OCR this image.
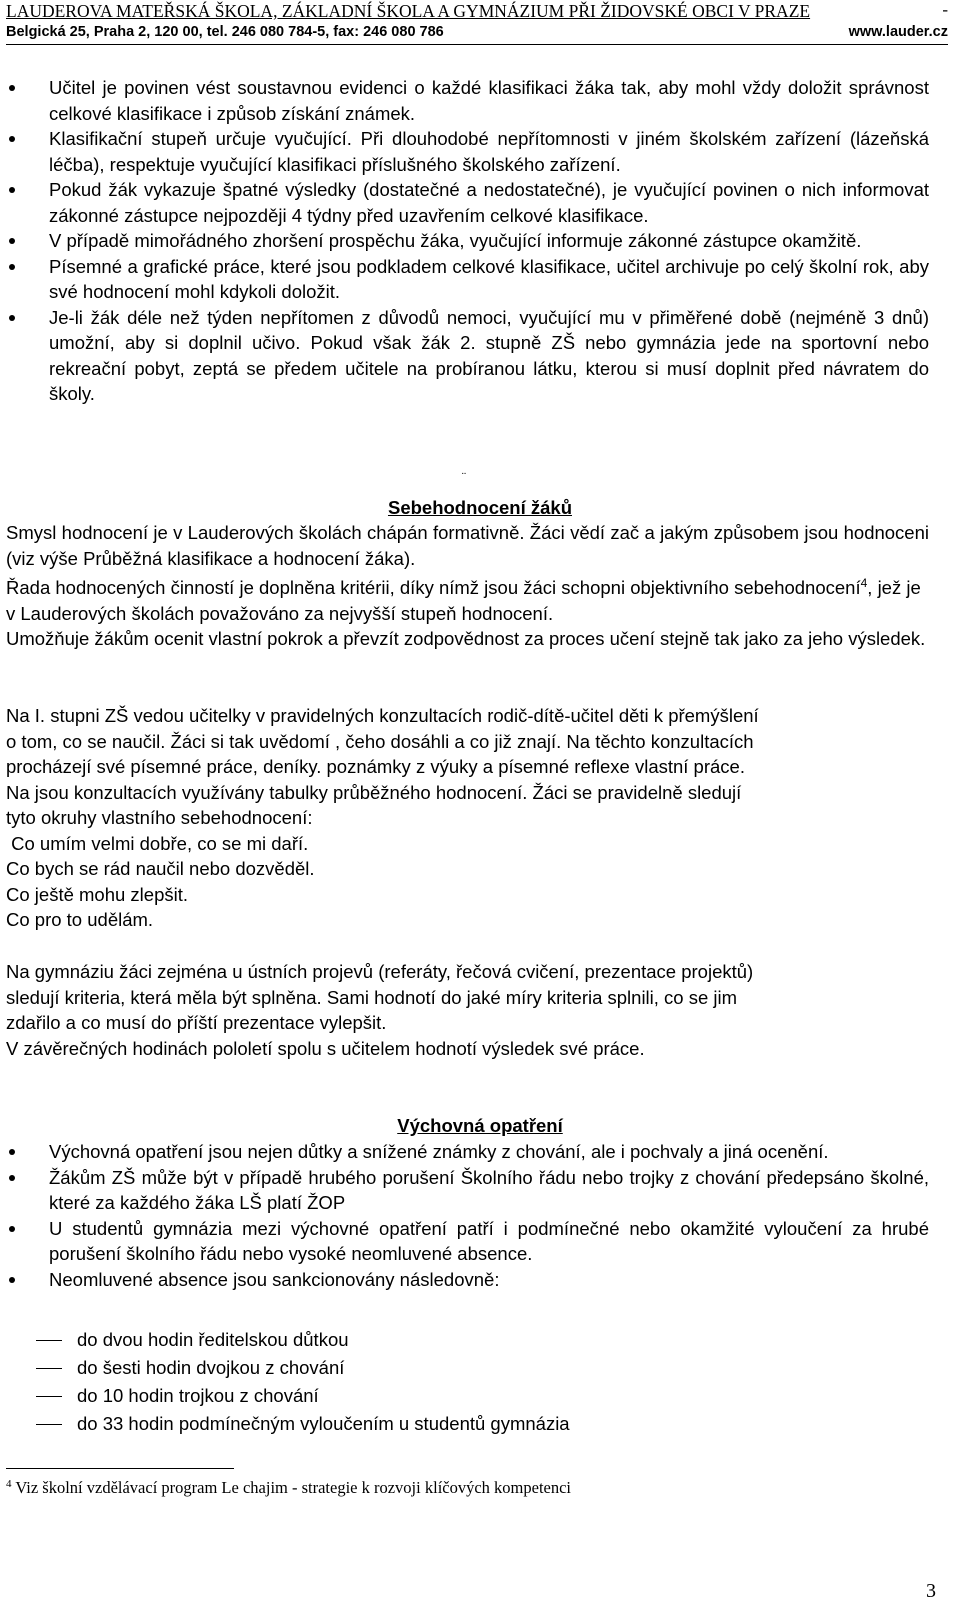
LAUDEROVA MATEŘSKÁ ŠKOLA, ZÁKLADNÍ ŠKOLA A GYMNÁZIUM PŘI ŽIDOVSKÉ OBCI V PRAZE	-
Belgická 25, Praha 2, 120 00, tel. 246 080 784-5, fax: 246 080 786	www.lauder.cz
Učitel je povinen vést soustavnou evidenci o každé klasifikaci žáka tak, aby mohl vždy doložit správnost celkové klasifikace i způsob získání známek.
Klasifikační stupeň určuje vyučující. Při dlouhodobé nepřítomnosti v jiném školském zařízení (lázeňská léčba), respektuje vyučující klasifikaci příslušného školského zařízení.
Pokud žák vykazuje špatné výsledky (dostatečné a nedostatečné), je vyučující povinen o nich informovat zákonné zástupce nejpozději 4 týdny před uzavřením celkové klasifikace.
V případě mimořádného zhoršení prospěchu žáka, vyučující informuje zákonné zástupce okamžitě.
Písemné a grafické práce, které jsou podkladem celkové klasifikace, učitel archivuje po celý školní rok, aby své hodnocení mohl kdykoli doložit.
Je-li žák déle než týden nepřítomen z důvodů nemoci, vyučující mu v přiměřené době (nejméně 3 dnů) umožní, aby si doplnil učivo. Pokud však žák 2. stupně ZŠ nebo gymnázia jede na sportovní nebo rekreační pobyt, zeptá se předem učitele na probíranou látku, kterou si musí doplnit před návratem do školy.
¨
Sebehodnocení žáků

Smysl hodnocení je v Lauderových školách chápán formativně. Žáci vědí zač a jakým způsobem jsou hodnoceni (viz výše Průběžná klasifikace a hodnocení žáka).

Řada hodnocených činností je doplněna kritérii, díky nímž jsou žáci schopni objektivního sebehodnocení$^4$, jež je v Lauderových školách považováno za nejvyšší stupeň hodnocení.

Umožňuje žákům ocenit vlastní pokrok a převzít zodpovědnost za proces učení stejně tak jako za jeho výsledek.

Na I. stupni ZŠ vedou učitelky v pravidelných konzultacích rodič-dítě-učitel děti k přemýšlení
o tom, co se naučil. Žáci si tak uvědomí , čeho dosáhli a co již znají. Na těchto konzultacích
procházejí své písemné práce, deníky. poznámky z výuky a písemné reflexe vlastní práce.
Na jsou konzultacích využívány tabulky průběžného hodnocení. Žáci se pravidelně sledují
tyto okruhy vlastního sebehodnocení:
Co umím velmi dobře, co se mi daří.
Co bych se rád naučil nebo dozvěděl.
Co ještě mohu zlepšit.
Co pro to udělám.
Na gymnáziu žáci zejména u ústních projevů (referáty, řečová cvičení, prezentace projektů)
sledují kriteria, která měla být splněna. Sami hodnotí do jaké míry kriteria splnili, co se jim
zdařilo a co musí do příští prezentace vylepšit.
V závěrečných hodinách pololetí spolu s učitelem hodnotí výsledek své práce.
Výchovná opatření
Výchovná opatření jsou nejen důtky a snížené známky z chování, ale i pochvaly a jiná ocenění.
Žákům ZŠ může být v případě hrubého porušení Školního řádu nebo trojky z chování předepsáno školné, které za každého žáka LŠ platí ŽOP
U studentů gymnázia mezi výchovné opatření patří i podmínečné nebo okamžité vyloučení za hrubé porušení školního řádu nebo vysoké neomluvené absence.
Neomluvené absence jsou sankcionovány následovně:
do dvou hodin ředitelskou důtkou
do šesti hodin dvojkou z chování
do 10 hodin trojkou z chování
do 33 hodin podmínečným vyloučením u studentů gymnázia
$^4$ Viz školní vzdělávací program Le chajim - strategie k rozvoji klíčových kompetenci
3
